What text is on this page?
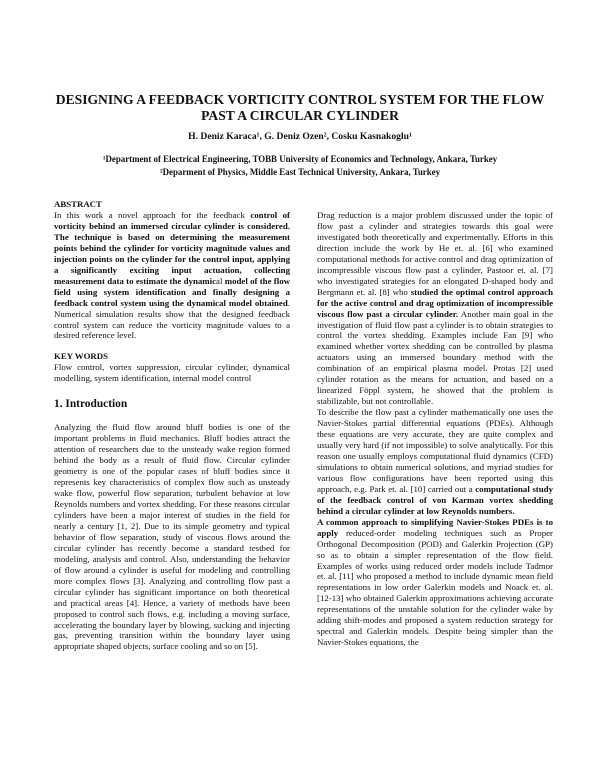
DESIGNING A FEEDBACK VORTICITY CONTROL SYSTEM FOR THE FLOW PAST A CIRCULAR CYLINDER
H. Deniz Karaca¹, G. Deniz Ozen², Cosku Kasnakoglu¹
¹Department of Electrical Engineering, TOBB University of Economics and Technology, Ankara, Turkey
²Deparment of Physics, Middle East Technical University, Ankara, Turkey
ABSTRACT

In this work a novel approach for the feedback control of vorticity behind an immersed circular cylinder is considered. The technique is based on determining the measurement points behind the cylinder for vorticity magnitude values and injection points on the cylinder for the control input, applying a significantly exciting input actuation, collecting measurement data to estimate the dynamical model of the flow field using system identification and finally designing a feedback control system using the dynamical model obtained. Numerical simulation results show that the designed feedback control system can reduce the vorticity magnitude values to a desired reference level.

KEY WORDS

Flow control, vortex suppression, circular cylinder, dynamical modelling, system identification, internal model control

1. Introduction

Analyzing the fluid flow around bluff bodies is one of the important problems in fluid mechanics. Bluff bodies attract the attention of researchers due to the unsteady wake region formed behind the body as a result of fluid flow. Circular cylinder geometry is one of the popular cases of bluff bodies since it represents key characteristics of complex flow such as unsteady wake flow, powerful flow separation, turbulent behavior at low Reynolds numbers and vortex shedding. For these reasons circular cylinders have been a major interest of studies in the field for nearly a century [1, 2]. Due to its simple geometry and typical behavior of flow separation, study of viscous flows around the circular cylinder has recently become a standard testbed for modeling, analysis and control. Also, understanding the behavior of flow around a cylinder is useful for modeling and controlling more complex flows [3]. Analyzing and controlling flow past a circular cylinder has significant importance on both theoretical and practical areas [4]. Hence, a variety of methods have been proposed to control such flows, e.g. including a moving surface, accelerating the boundary layer by blowing, sucking and injecting gas, preventing transition within the boundary layer using appropriate shaped objects, surface cooling and so on [5].

Drag reduction is a major problem discussed under the topic of flow past a cylinder and strategies towards this goal were investigated both theoretically and experimentally. Efforts in this direction include the work by He et. al. [6] who examined computational methods for active control and drag optimization of incompressible viscous flow past a cylinder, Pastoor et. al. [7] who investigated strategies for an elongated D-shaped body and Bergmann et. al. [8] who studied the optimal control approach for the active control and drag optimization of incompressible viscous flow past a circular cylinder. Another main goal in the investigation of fluid flow past a cylinder is to obtain strategies to control the vortex shedding. Examples include Fan [9] who examined whether vortex shedding can be controlled by plasma actuators using an immersed boundary method with the combination of an empirical plasma model. Protas [2] used cylinder rotation as the means for actuation, and based on a linearized Föppl system, he showed that the problem is stabilizable, but not controllable.

To describe the flow past a cylinder mathematically one uses the Navier-Stokes partial differential equations (PDEs). Although these equations are very accurate, they are quite complex and usually very hard (if not impossible) to solve analytically. For this reason one usually employs computational fluid dynamics (CFD) simulations to obtain numerical solutions, and myriad studies for various flow configurations have been reported using this approach, e.g. Park et. al. [10] carried out a computational study of the feedback control of von Karman vortex shedding behind a circular cylinder at low Reynolds numbers.

A common approach to simplifying Navier-Stokes PDEs is to apply reduced-order modeling techniques such as Proper Orthogonal Decomposition (POD) and Galerkin Projection (GP) so as to obtain a simpler representation of the flow field. Examples of works using reduced order models include Tadmor et. al. [11] who proposed a method to include dynamic mean field representations in low order Galerkin models and Noack et. al. [12-13] who obtained Galerkin approximations achieving accurate representations of the unstable solution for the cylinder wake by adding shift-modes and proposed a system reduction strategy for spectral and Galerkin models. Despite being simpler than the Navier-Stokes equations, the
